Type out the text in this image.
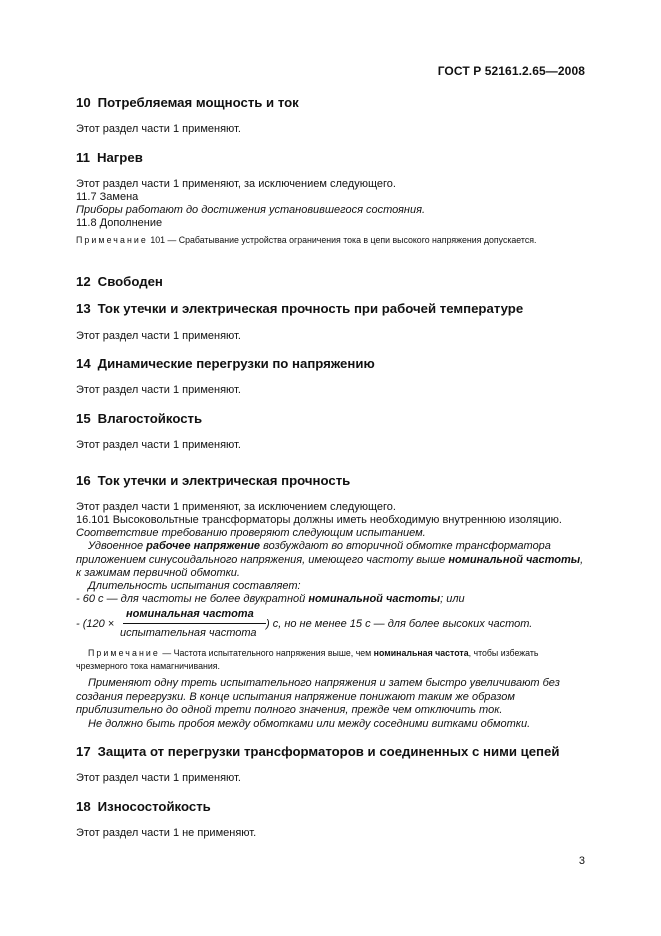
ГОСТ Р 52161.2.65—2008
10 Потребляемая мощность и ток
Этот раздел части 1 применяют.
11 Нагрев
Этот раздел части 1 применяют, за исключением следующего.
11.7 Замена
Приборы работают до достижения установившегося состояния.
11.8 Дополнение
Примечание 101 — Срабатывание устройства ограничения тока в цепи высокого напряжения допускается.
12 Свободен
13 Ток утечки и электрическая прочность при рабочей температуре
Этот раздел части 1 применяют.
14 Динамические перегрузки по напряжению
Этот раздел части 1 применяют.
15 Влагостойкость
Этот раздел части 1 применяют.
16 Ток утечки и электрическая прочность
Этот раздел части 1 применяют, за исключением следующего.
16.101 Высоковольтные трансформаторы должны иметь необходимую внутреннюю изоляцию.
Соответствие требованию проверяют следующим испытанием.
Удвоенное рабочее напряжение возбуждают во вторичной обмотке трансформатора приложением синусоидального напряжения, имеющего частоту выше номинальной частоты, к зажимам первичной обмотки.
Длительность испытания составляет:
- 60 с — для частоты не более двукратной номинальной частоты; или
- (120 ×
номинальная частота
испытательная частота
) с, но не менее 15 с — для более высоких частот.
Примечание — Частота испытательного напряжения выше, чем номинальная частота, чтобы избежать чрезмерного тока намагничивания.
Применяют одну треть испытательного напряжения и затем быстро увеличивают без создания перегрузки. В конце испытания напряжение понижают таким же образом приблизительно до одной трети полного значения, прежде чем отключить ток.
Не должно быть пробоя между обмотками или между соседними витками обмотки.
17 Защита от перегрузки трансформаторов и соединенных с ними цепей
Этот раздел части 1 применяют.
18 Износостойкость
Этот раздел части 1 не применяют.
3
